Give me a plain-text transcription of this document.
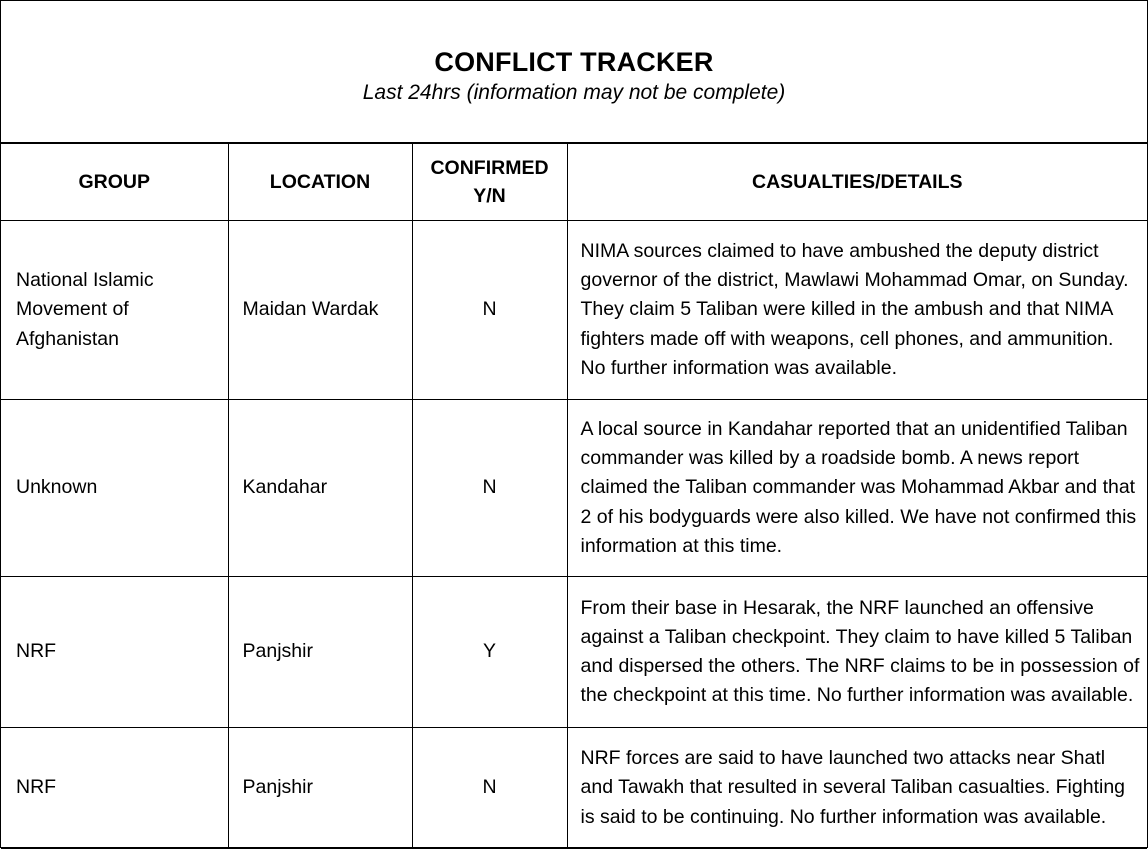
CONFLICT TRACKER
Last 24hrs (information may not be complete)
GROUP	LOCATION	CONFIRMED Y/N	CASUALTIES/DETAILS
National Islamic Movement of Afghanistan	Maidan Wardak	N	NIMA sources claimed to have ambushed the deputy district governor of the district, Mawlawi Mohammad Omar, on Sunday. They claim 5 Taliban were killed in the ambush and that NIMA fighters made off with weapons, cell phones, and ammunition. No further information was available.
Unknown	Kandahar	N	A local source in Kandahar reported that an unidentified Taliban commander was killed by a roadside bomb. A news report claimed the Taliban commander was Mohammad Akbar and that 2 of his bodyguards were also killed. We have not confirmed this information at this time.
NRF	Panjshir	Y	From their base in Hesarak, the NRF launched an offensive against a Taliban checkpoint. They claim to have killed 5 Taliban and dispersed the others. The NRF claims to be in possession of the checkpoint at this time. No further information was available.
NRF	Panjshir	N	NRF forces are said to have launched two attacks near Shatl and Tawakh that resulted in several Taliban casualties. Fighting is said to be continuing. No further information was available.
